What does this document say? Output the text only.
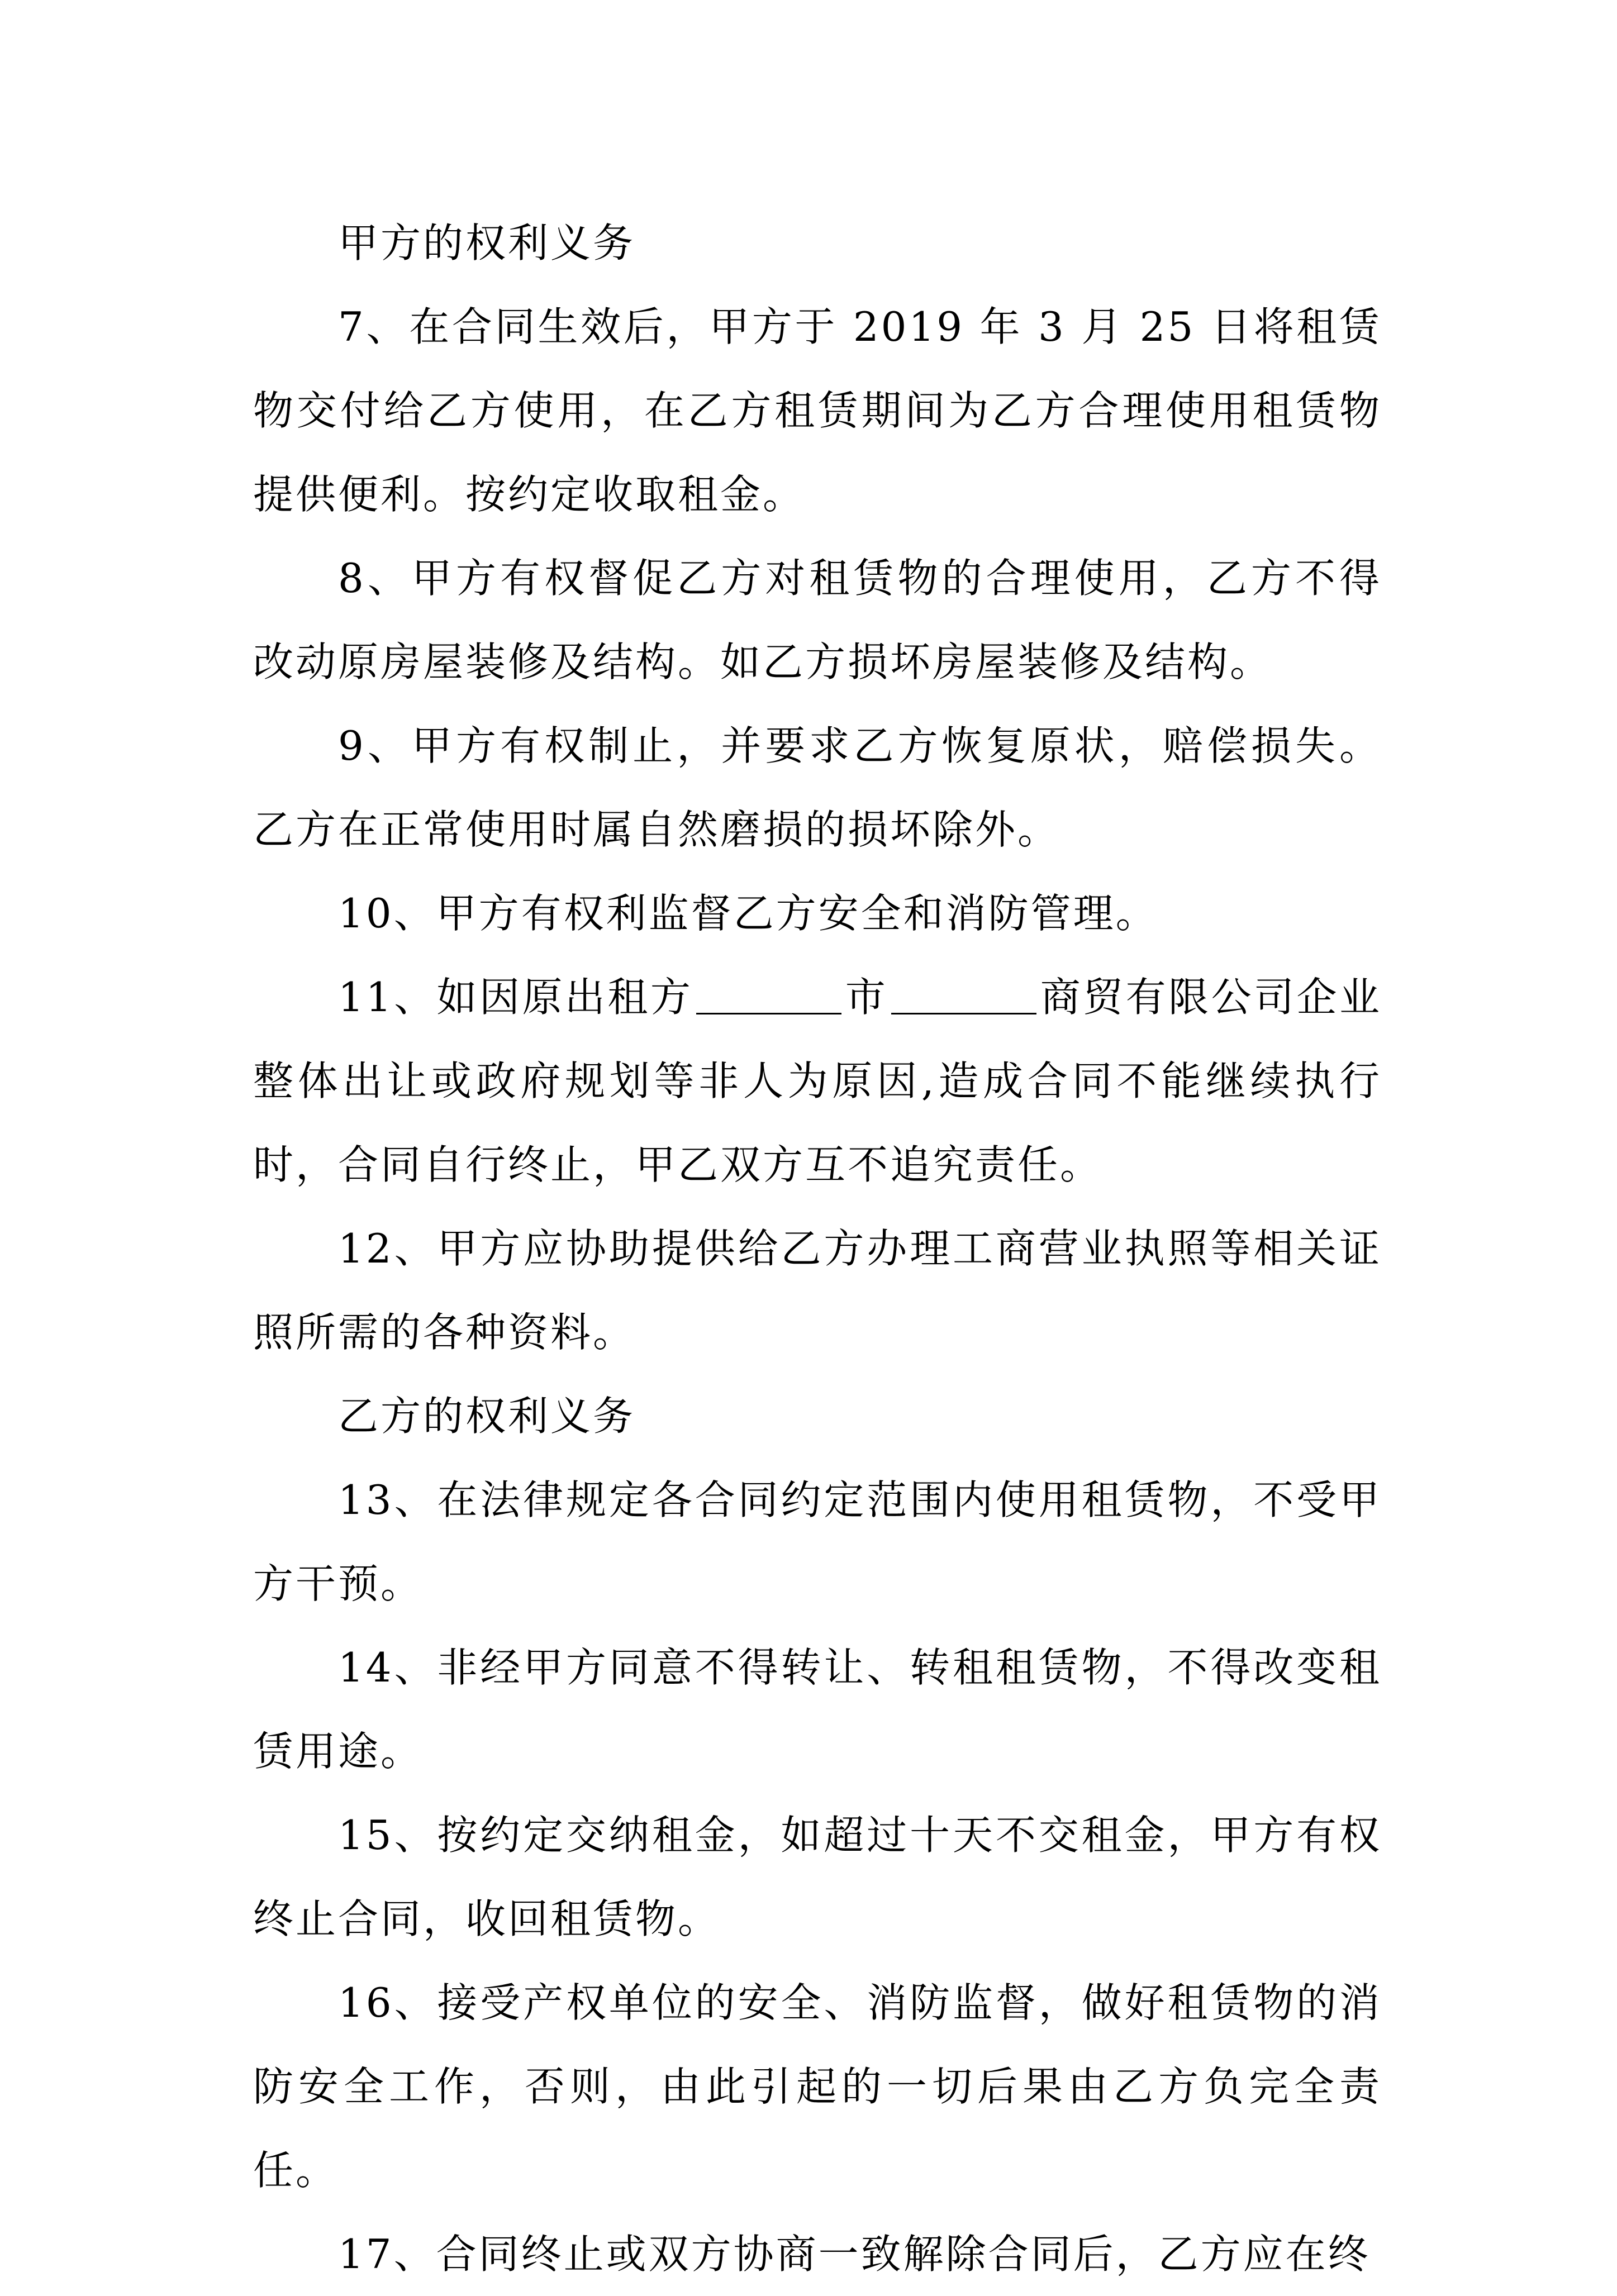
甲方的权利义务

7、在合同生效后，甲方于 2019 年 3 月 25 日将租赁物交付给乙方使用，在乙方租赁期间为乙方合理使用租赁物提供便利。按约定收取租金。

8、甲方有权督促乙方对租赁物的合理使用，乙方不得改动原房屋装修及结构。如乙方损坏房屋装修及结构。

9、甲方有权制止，并要求乙方恢复原状，赔偿损失。乙方在正常使用时属自然磨损的损坏除外。

10、甲方有权利监督乙方安全和消防管理。

11、如因原出租方	市	商贸有限公司企业整体出让或政府规划等非人为原因,造成合同不能继续执行时，合同自行终止，甲乙双方互不追究责任。

12、甲方应协助提供给乙方办理工商营业执照等相关证照所需的各种资料。

乙方的权利义务

13、在法律规定各合同约定范围内使用租赁物，不受甲方干预。

14、非经甲方同意不得转让、转租租赁物，不得改变租赁用途。

15、按约定交纳租金，如超过十天不交租金，甲方有权终止合同，收回租赁物。

16、接受产权单位的安全、消防监督，做好租赁物的消防安全工作，否则，由此引起的一切后果由乙方负完全责任。

17、合同终止或双方协商一致解除合同后，乙方应在终
